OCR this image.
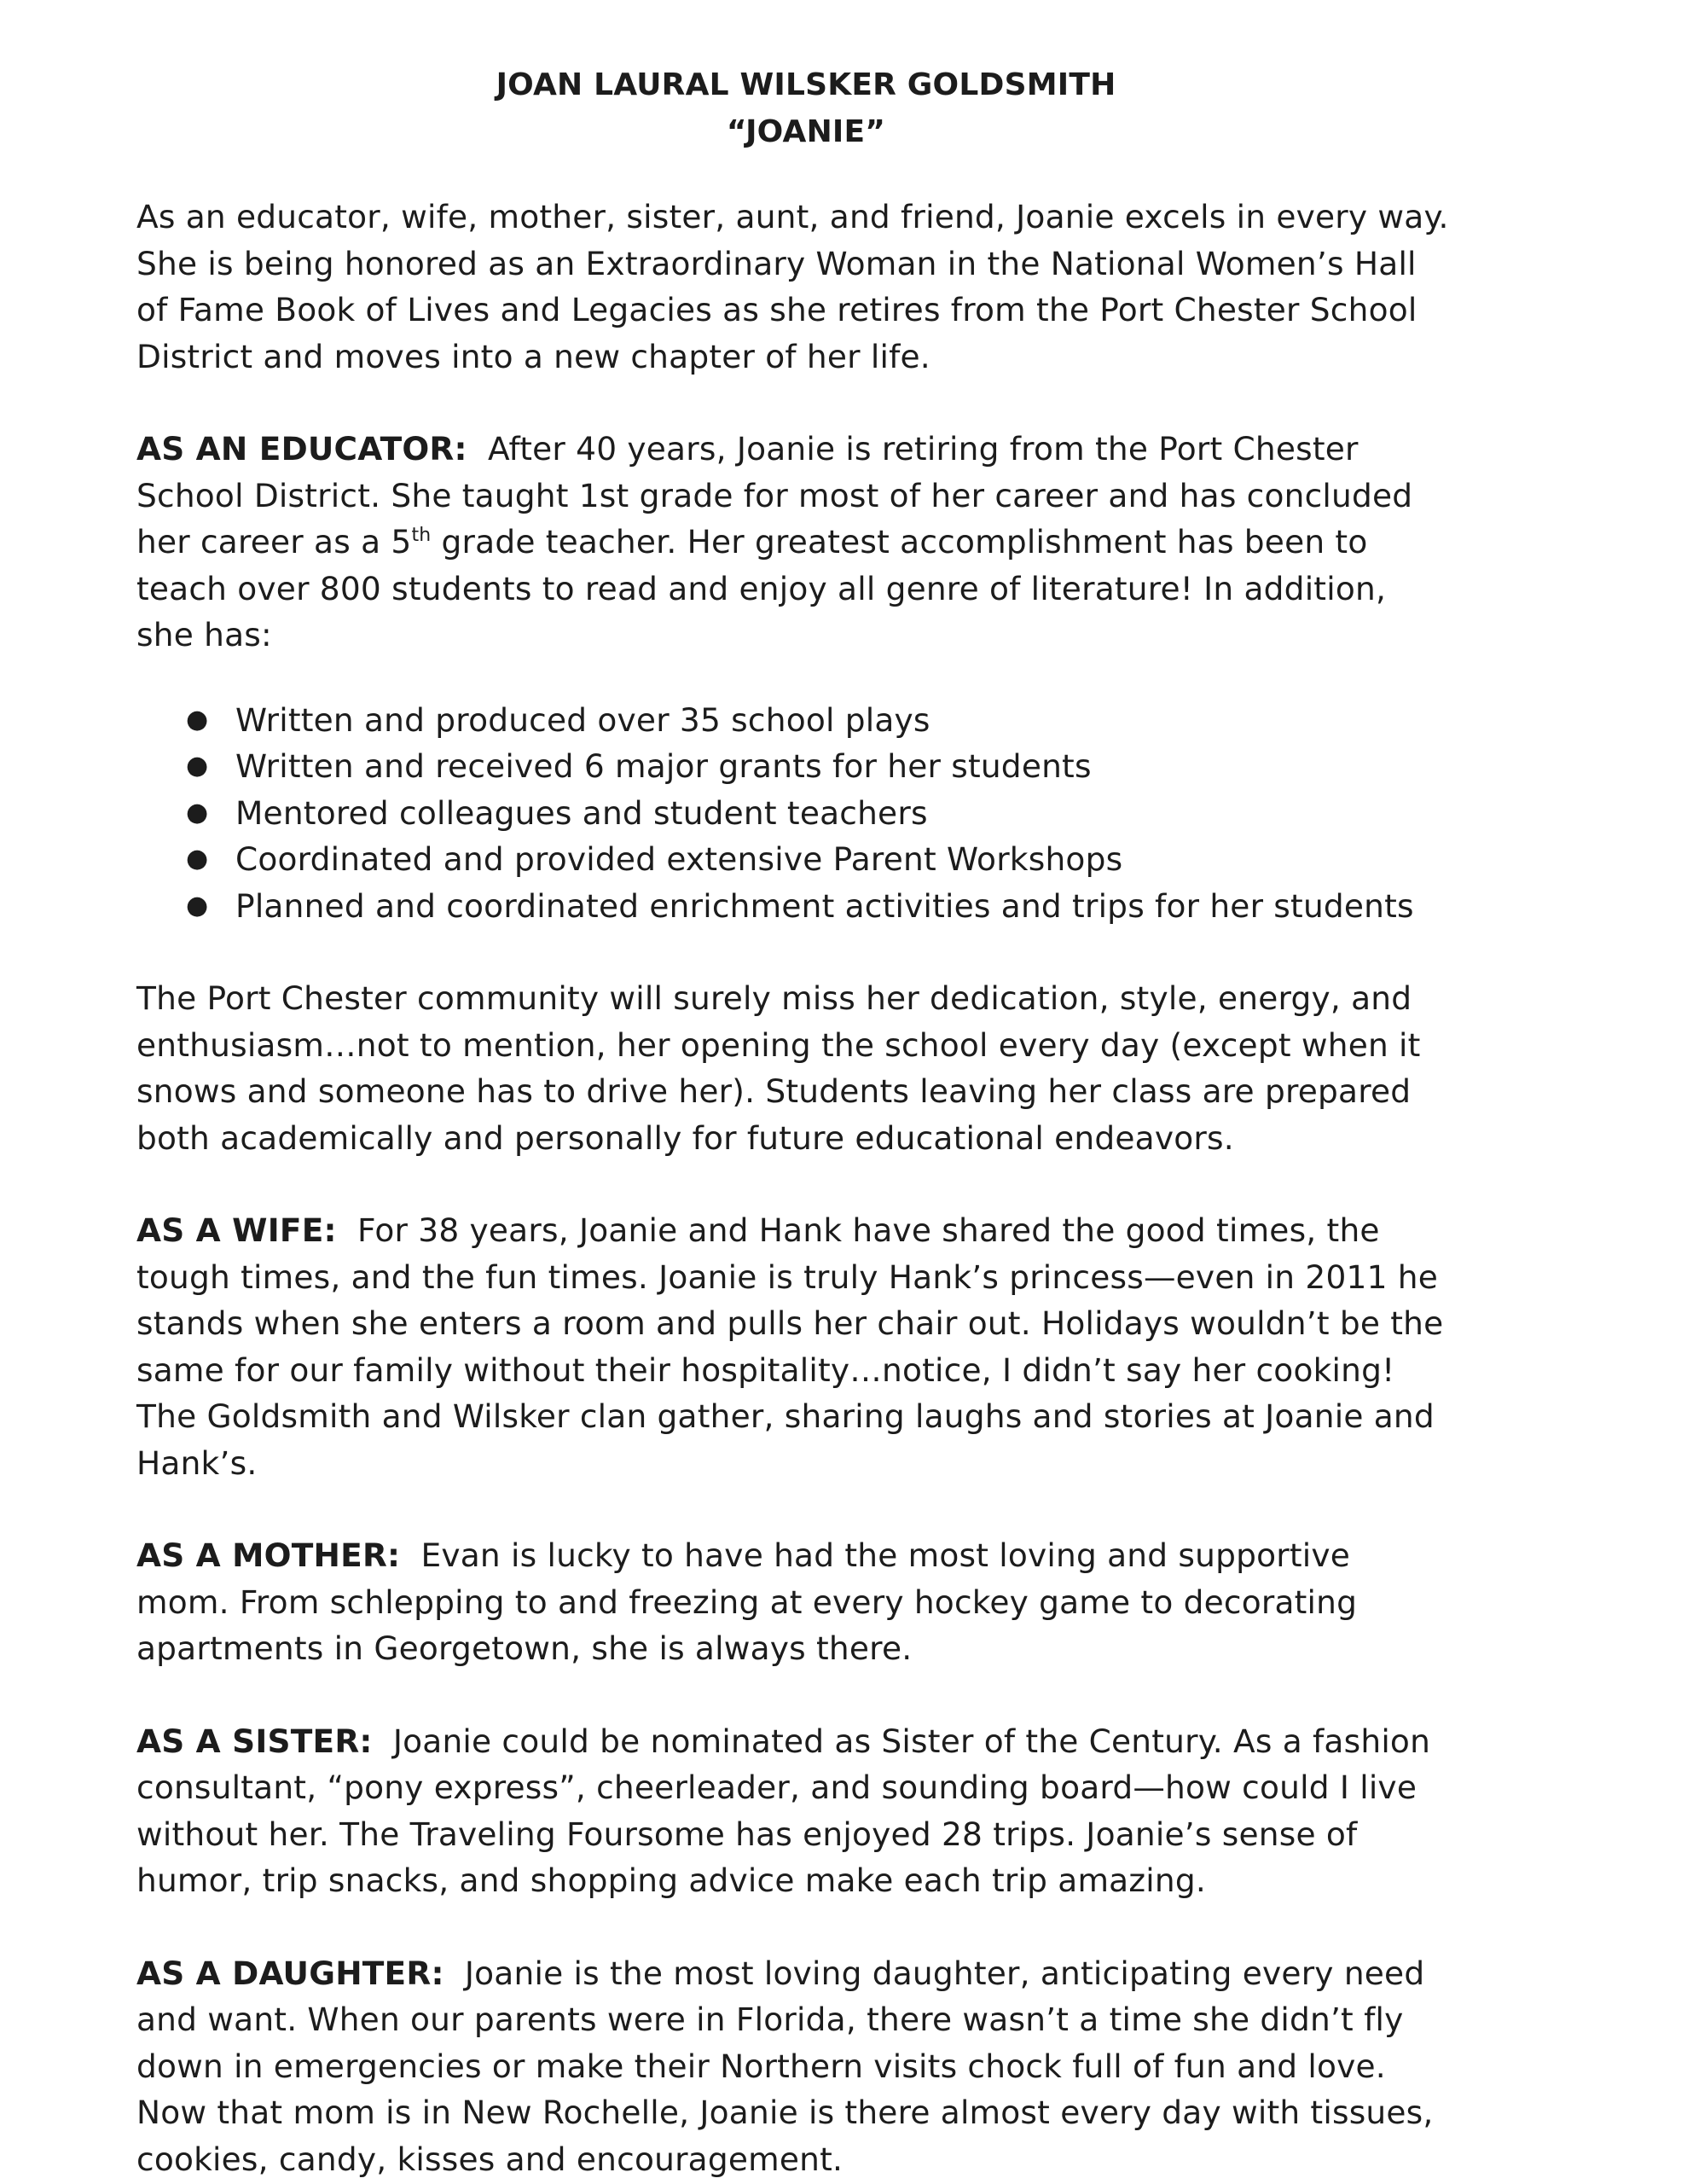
JOAN LAURAL WILSKER GOLDSMITH

“JOANIE”

As an educator, wife, mother, sister, aunt, and friend, Joanie excels in every way. She is being honored as an Extraordinary Woman in the National Women’s Hall of Fame Book of Lives and Legacies as she retires from the Port Chester School District and moves into a new chapter of her life.

AS AN EDUCATOR: After 40 years, Joanie is retiring from the Port Chester School District. She taught 1st grade for most of her career and has concluded her career as a 5th grade teacher. Her greatest accomplishment has been to teach over 800 students to read and enjoy all genre of literature! In addition, she has:

● Written and produced over 35 school plays
● Written and received 6 major grants for her students
● Mentored colleagues and student teachers
● Coordinated and provided extensive Parent Workshops
● Planned and coordinated enrichment activities and trips for her students

The Port Chester community will surely miss her dedication, style, energy, and enthusiasm…not to mention, her opening the school every day (except when it snows and someone has to drive her). Students leaving her class are prepared both academically and personally for future educational endeavors.

AS A WIFE: For 38 years, Joanie and Hank have shared the good times, the tough times, and the fun times. Joanie is truly Hank’s princess—even in 2011 he stands when she enters a room and pulls her chair out. Holidays wouldn’t be the same for our family without their hospitality…notice, I didn’t say her cooking! The Goldsmith and Wilsker clan gather, sharing laughs and stories at Joanie and Hank’s.

AS A MOTHER: Evan is lucky to have had the most loving and supportive mom. From schlepping to and freezing at every hockey game to decorating apartments in Georgetown, she is always there.

AS A SISTER: Joanie could be nominated as Sister of the Century. As a fashion consultant, “pony express”, cheerleader, and sounding board—how could I live without her. The Traveling Foursome has enjoyed 28 trips. Joanie’s sense of humor, trip snacks, and shopping advice make each trip amazing.

AS A DAUGHTER: Joanie is the most loving daughter, anticipating every need and want. When our parents were in Florida, there wasn’t a time she didn’t fly down in emergencies or make their Northern visits chock full of fun and love. Now that mom is in New Rochelle, Joanie is there almost every day with tissues, cookies, candy, kisses and encouragement.
